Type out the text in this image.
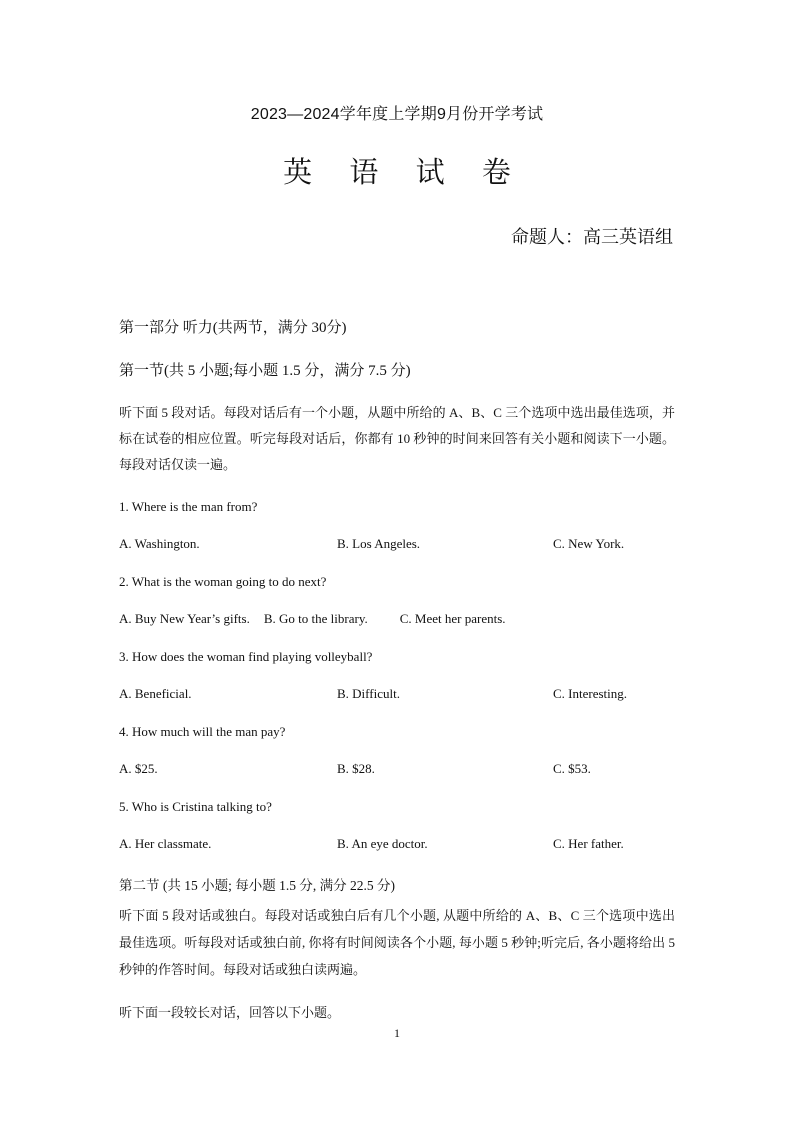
2023—2024学年度上学期9月份开学考试
英 语 试 卷
命题人：高三英语组
第一部分 听力(共两节，满分 30分)
第一节(共 5 小题;每小题 1.5 分，满分 7.5 分)
听下面 5 段对话。每段对话后有一个小题，从题中所给的 A、B、C 三个选项中选出最佳选项，并标在试卷的相应位置。听完每段对话后，你都有 10 秒钟的时间来回答有关小题和阅读下一小题。每段对话仅读一遍。
1. Where is the man from?
A. Washington.	B. Los Angeles.	C. New York.
2. What is the woman going to do next?
A. Buy New Year’s gifts. B. Go to the library. C. Meet her parents.
3. How does the woman find playing volleyball?
A. Beneficial.	B. Difficult.	C. Interesting.
4. How much will the man pay?
A. $25.	B. $28.	C. $53.
5. Who is Cristina talking to?
A. Her classmate.	B. An eye doctor.	C. Her father.
第二节 (共 15 小题; 每小题 1.5 分, 满分 22.5 分)
听下面 5 段对话或独白。每段对话或独白后有几个小题, 从题中所给的 A、B、C 三个选项中选出最佳选项。听每段对话或独白前, 你将有时间阅读各个小题, 每小题 5 秒钟;听完后, 各小题将给出 5 秒钟的作答时间。每段对话或独白读两遍。
听下面一段较长对话，回答以下小题。
1
